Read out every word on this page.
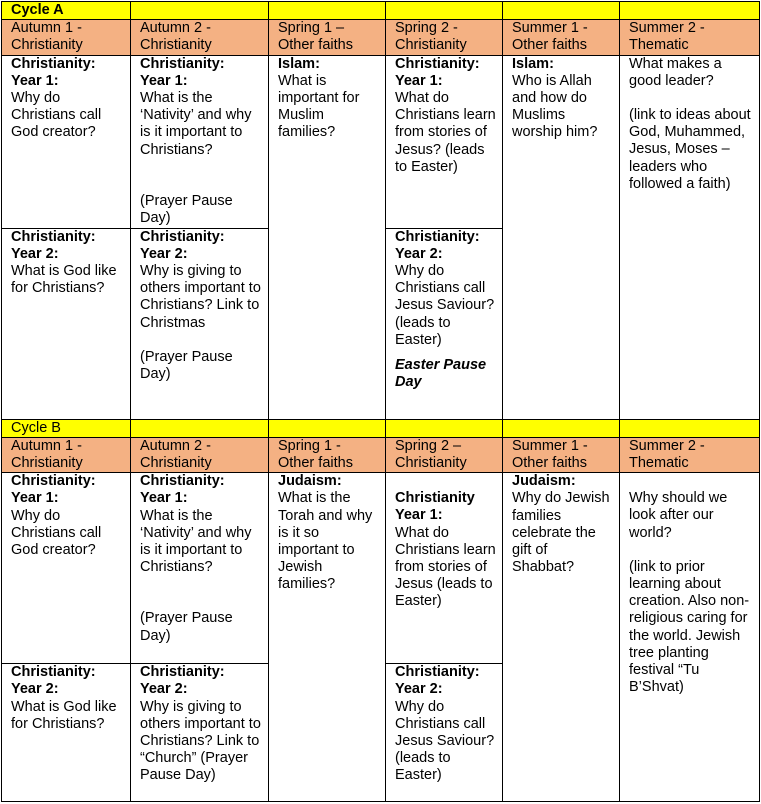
Cycle A					
Autumn 1 - Christianity	Autumn 2 - Christianity	Spring 1 – Other faiths	Spring 2 - Christianity	Summer 1 - Other faiths	Summer 2 - Thematic

Christianity:
Year 1:
Why do Christians call God creator?	Christianity:
Year 1:
What is the ‘Nativity’ and why is it important to Christians?
(Prayer Pause Day)	Islam:
What is important for Muslim families?	Christianity:
Year 1:
What do Christians learn from stories of Jesus? (leads to Easter)	Islam:
Who is Allah and how do Muslims worship him?	What makes a good leader?
(link to ideas about God, Muhammed, Jesus, Moses – leaders who followed a faith)

Christianity:
Year 2:
What is God like for Christians?	Christianity:
Year 2:
Why is giving to others important to Christians? Link to Christmas
(Prayer Pause Day)		Christianity:
Year 2:
Why do Christians call Jesus Saviour? (leads to Easter)
Easter Pause Day		

Cycle B					
Autumn 1 - Christianity	Autumn 2 - Christianity	Spring 1 - Other faiths	Spring 2 – Christianity	Summer 1 - Other faiths	Summer 2 - Thematic

Christianity:
Year 1:
Why do Christians call God creator?	Christianity:
Year 1:
What is the ‘Nativity’ and why is it important to Christians?
(Prayer Pause Day)	Judaism:
What is the Torah and why is it so important to Jewish families?	Christianity
Year 1:
What do Christians learn from stories of Jesus (leads to Easter)	Judaism:
Why do Jewish families celebrate the gift of Shabbat?	Why should we look after our world?
(link to prior learning about creation. Also non-religious caring for the world. Jewish tree planting festival “Tu B’Shvat)

Christianity:
Year 2:
What is God like for Christians?	Christianity:
Year 2:
Why is giving to others important to Christians? Link to “Church” (Prayer Pause Day)		Christianity:
Year 2:
Why do Christians call Jesus Saviour? (leads to Easter)		
